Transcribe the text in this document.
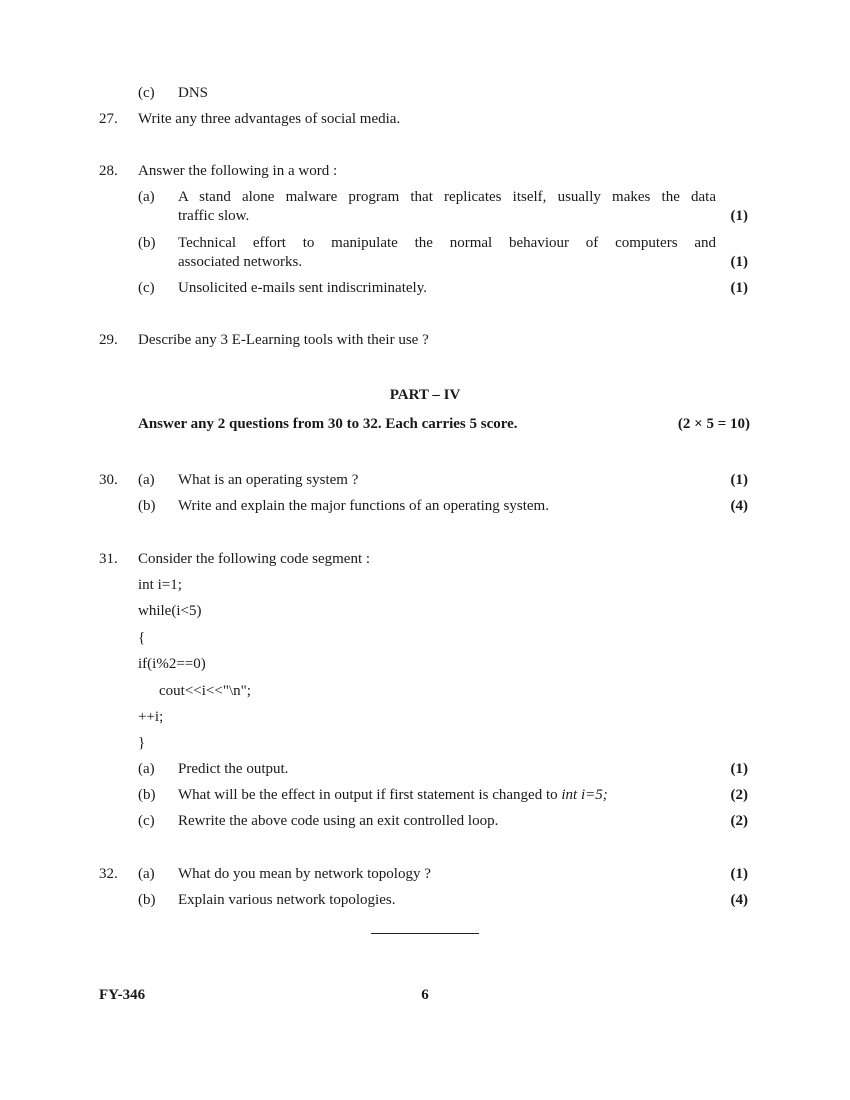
(c) DNS
27. Write any three advantages of social media.
28. Answer the following in a word :
(a) A stand alone malware program that replicates itself, usually makes the data
traffic slow.	(1)
(b) Technical effort to manipulate the normal behaviour of computers and
associated networks.	(1)
(c) Unsolicited e-mails sent indiscriminately.	(1)
29. Describe any 3 E-Learning tools with their use ?
PART – IV
Answer any 2 questions from 30 to 32. Each carries 5 score.	(2 × 5 = 10)
30. (a) What is an operating system ?	(1)
(b) Write and explain the major functions of an operating system.	(4)
31. Consider the following code segment :
int i=1;
while(i<5)
{
if(i%2==0)
cout<<i<<"\n";
++i;
}
(a) Predict the output.	(1)
(b) What will be the effect in output if first statement is changed to int i=5;	(2)
(c) Rewrite the above code using an exit controlled loop.	(2)
32. (a) What do you mean by network topology ?	(1)
(b) Explain various network topologies.	(4)
FY-346	6
